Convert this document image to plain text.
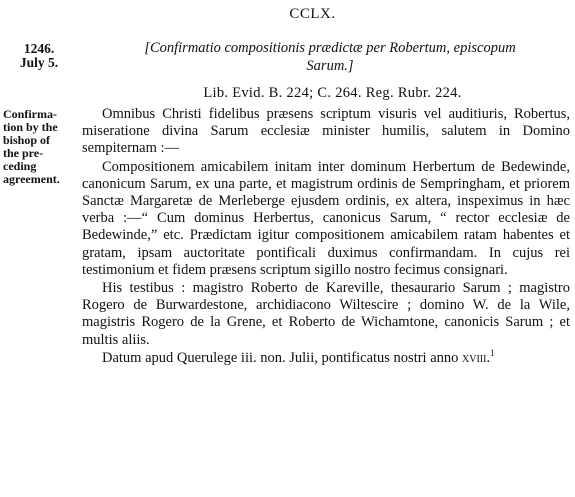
CCLX.
1246.
July 5.
[Confirmatio compositionis prædictæ per Robertum, episcopum
Sarum.]
Lib. Evid. B. 224; C. 264. Reg. Rubr. 224.
Confirma-
tion by the
bishop of
the pre-
ceding
agreement.

Omnibus Christi fidelibus præsens scriptum visuris vel auditiuris, Robertus, miseratione divina Sarum ecclesiæ minister humilis, salutem in Domino sempiternam :—

Compositionem amicabilem initam inter dominum Herbertum de Bedewinde, canonicum Sarum, ex una parte, et magistrum ordinis de Sempringham, et priorem Sanctæ Margaretæ de Merleberge ejusdem ordinis, ex altera, inspeximus in hæc verba :—“ Cum dominus Herbertus, canonicus Sarum, “ rector ecclesiæ de Bedewinde,” etc. Prædictam igitur compositionem amicabilem ratam habentes et gratam, ipsam auctoritate pontificali duximus confirmandam. In cujus rei testimonium et fidem præsens scriptum sigillo nostro fecimus consignari.

His testibus : magistro Roberto de Kareville, thesaurario Sarum ; magistro Rogero de Burwardestone, archidiacono Wiltescire ; domino W. de la Wile, magistris Rogero de la Grene, et Roberto de Wichamtone, canonicis Sarum ; et multis aliis.

Datum apud Querulege iii. non. Julii, pontificatus nostri anno xviii.$^1$
